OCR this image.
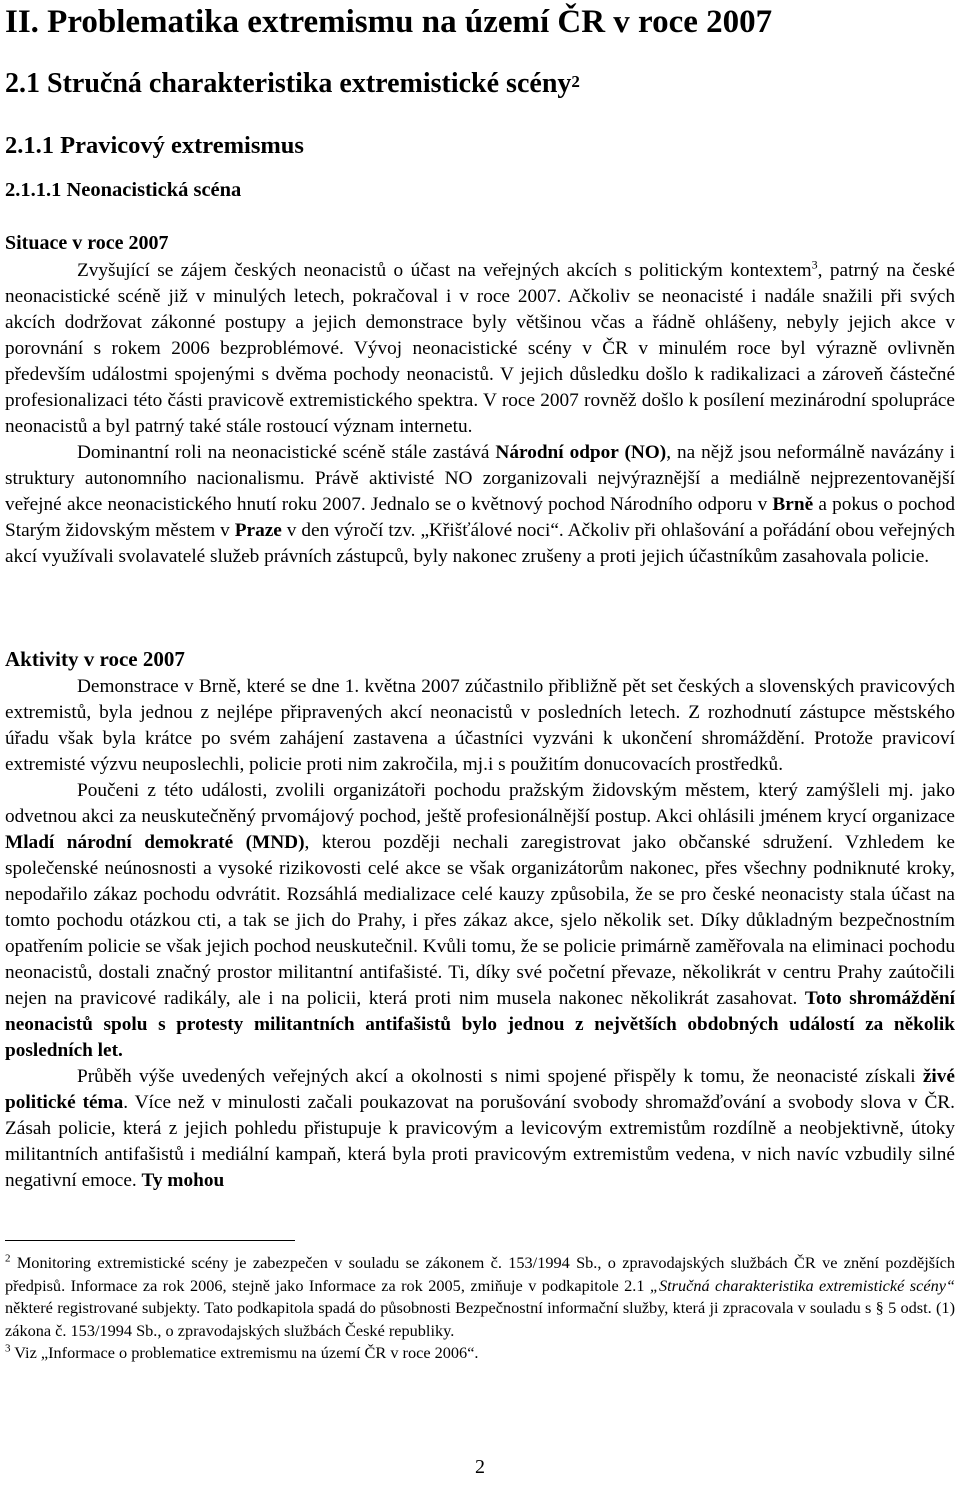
II. Problematika extremismu na území ČR v roce 2007
2.1 Stručná charakteristika extremistické scény$^2$
2.1.1 Pravicový extremismus
2.1.1.1 Neonacistická scéna
Situace v roce 2007

Zvyšující se zájem českých neonacistů o účast na veřejných akcích s politickým kontextem$^3$, patrný na české neonacistické scéně již v minulých letech, pokračoval i v roce 2007. Ačkoliv se neonacisté i nadále snažili při svých akcích dodržovat zákonné postupy a jejich demonstrace byly většinou včas a řádně ohlášeny, nebyly jejich akce v porovnání s rokem 2006 bezproblémové. Vývoj neonacistické scény v ČR v minulém roce byl výrazně ovlivněn především událostmi spojenými s dvěma pochody neonacistů. V jejich důsledku došlo k radikalizaci a zároveň částečné profesionalizaci této části pravicově extremistického spektra. V roce 2007 rovněž došlo k posílení mezinárodní spolupráce neonacistů a byl patrný také stále rostoucí význam internetu.

Dominantní roli na neonacistické scéně stále zastává Národní odpor (NO), na nějž jsou neformálně navázány i struktury autonomního nacionalismu. Právě aktivisté NO zorganizovali nejvýraznější a mediálně nejprezentovanější veřejné akce neonacistického hnutí roku 2007. Jednalo se o květnový pochod Národního odporu v Brně a pokus o pochod Starým židovským městem v Praze v den výročí tzv. „Křišťálové noci“. Ačkoliv při ohlašování a pořádání obou veřejných akcí využívali svolavatelé služeb právních zástupců, byly nakonec zrušeny a proti jejich účastníkům zasahovala policie.

Aktivity v roce 2007

Demonstrace v Brně, které se dne 1. května 2007 zúčastnilo přibližně pět set českých a slovenských pravicových extremistů, byla jednou z nejlépe připravených akcí neonacistů v posledních letech. Z rozhodnutí zástupce městského úřadu však byla krátce po svém zahájení zastavena a účastníci vyzváni k ukončení shromáždění. Protože pravicoví extremisté výzvu neuposlechli, policie proti nim zakročila, mj.i s použitím donucovacích prostředků.

Poučeni z této události, zvolili organizátoři pochodu pražským židovským městem, který zamýšleli mj. jako odvetnou akci za neuskutečněný prvomájový pochod, ještě profesionálnější postup. Akci ohlásili jménem krycí organizace Mladí národní demokraté (MND), kterou později nechali zaregistrovat jako občanské sdružení. Vzhledem ke společenské neúnosnosti a vysoké rizikovosti celé akce se však organizátorům nakonec, přes všechny podniknuté kroky, nepodařilo zákaz pochodu odvrátit. Rozsáhlá medializace celé kauzy způsobila, že se pro české neonacisty stala účast na tomto pochodu otázkou cti, a tak se jich do Prahy, i přes zákaz akce, sjelo několik set. Díky důkladným bezpečnostním opatřením policie se však jejich pochod neuskutečnil. Kvůli tomu, že se policie primárně zaměřovala na eliminaci pochodu neonacistů, dostali značný prostor militantní antifašisté. Ti, díky své početní převaze, několikrát v centru Prahy zaútočili nejen na pravicové radikály, ale i na policii, která proti nim musela nakonec několikrát zasahovat. Toto shromáždění neonacistů spolu s protesty militantních antifašistů bylo jednou z největších obdobných událostí za několik posledních let.

Průběh výše uvedených veřejných akcí a okolnosti s nimi spojené přispěly k tomu, že neonacisté získali živé politické téma. Více než v minulosti začali poukazovat na porušování svobody shromažďování a svobody slova v ČR. Zásah policie, která z jejich pohledu přistupuje k pravicovým a levicovým extremistům rozdílně a neobjektivně, útoky militantních antifašistů i mediální kampaň, která byla proti pravicovým extremistům vedena, v nich navíc vzbudily silné negativní emoce. Ty mohou

$^2$ Monitoring extremistické scény je zabezpečen v souladu se zákonem č. 153/1994 Sb., o zpravodajských službách ČR ve znění pozdějších předpisů. Informace za rok 2006, stejně jako Informace za rok 2005, zmiňuje v podkapitole 2.1 „Stručná charakteristika extremistické scény“ některé registrované subjekty. Tato podkapitola spadá do působnosti Bezpečnostní informační služby, která ji zpracovala v souladu s § 5 odst. (1) zákona č. 153/1994 Sb., o zpravodajských službách České republiky.

$^3$ Viz „Informace o problematice extremismu na území ČR v roce 2006“.

2
